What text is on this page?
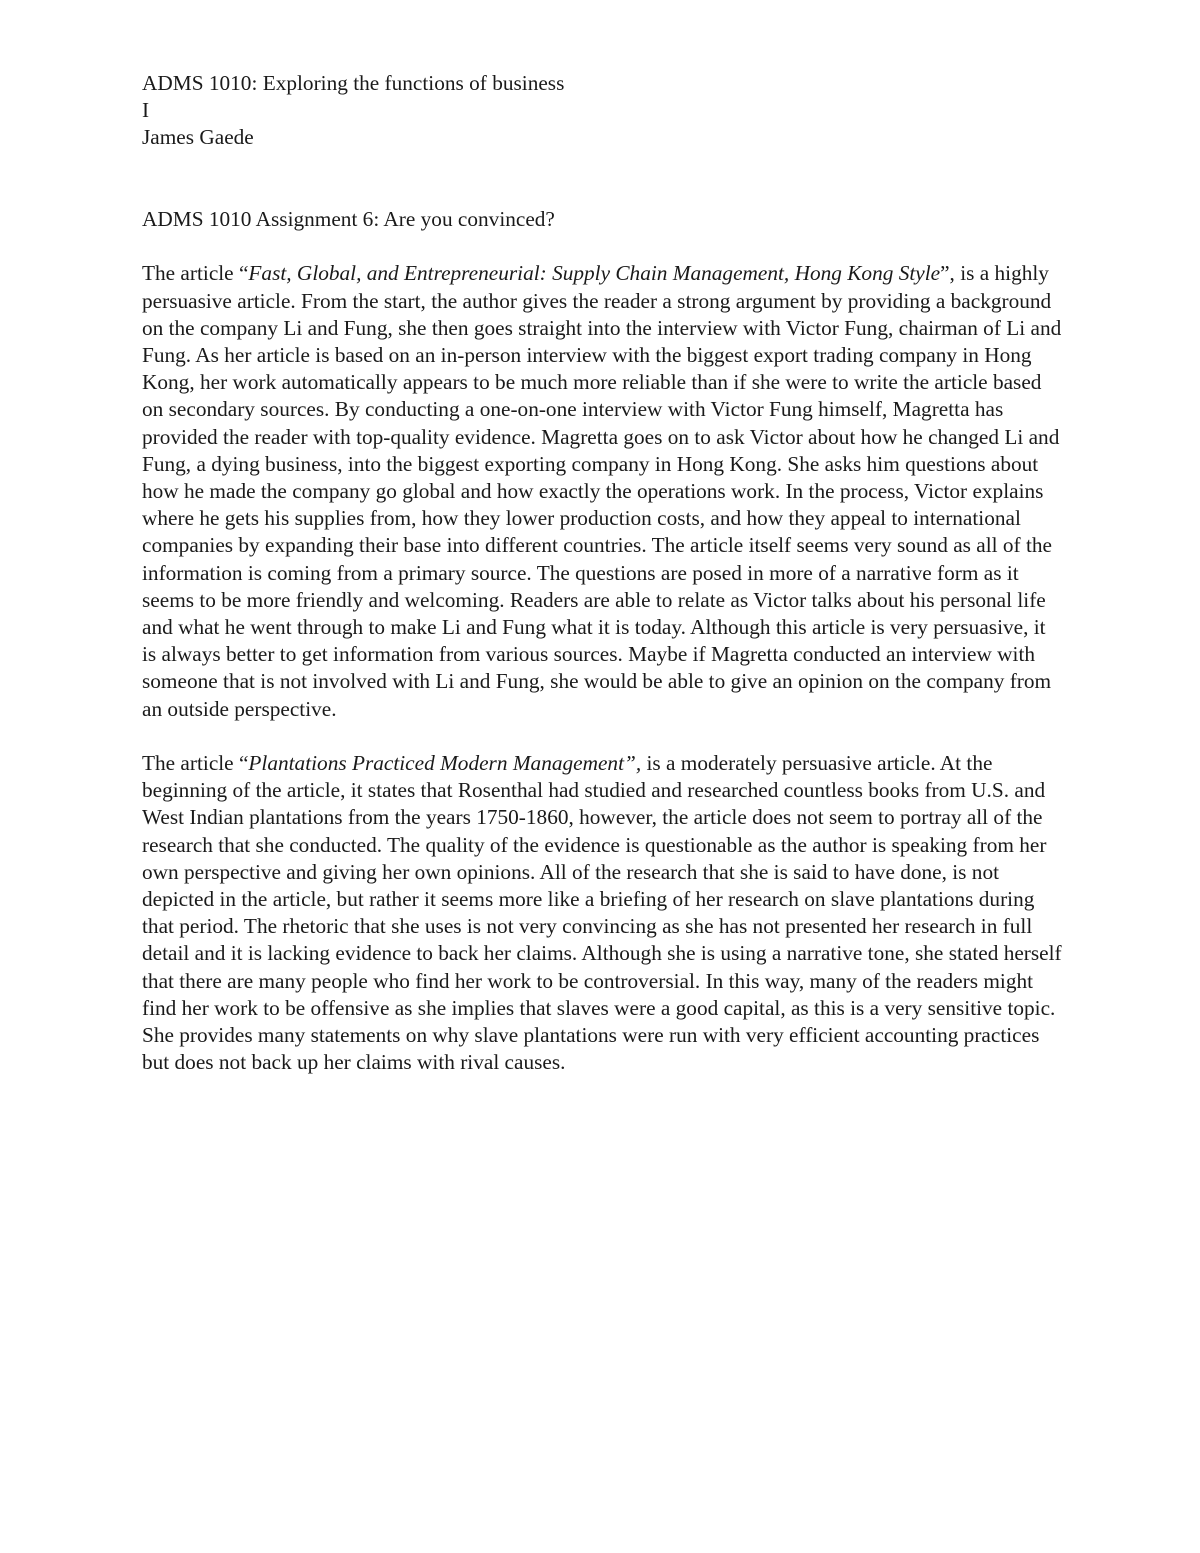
ADMS 1010: Exploring the functions of business

I

James Gaede

ADMS 1010 Assignment 6: Are you convinced?

The article “Fast, Global, and Entrepreneurial: Supply Chain Management, Hong Kong Style”, is a highly persuasive article. From the start, the author gives the reader a strong argument by providing a background on the company Li and Fung, she then goes straight into the interview with Victor Fung, chairman of Li and Fung. As her article is based on an in-person interview with the biggest export trading company in Hong Kong, her work automatically appears to be much more reliable than if she were to write the article based on secondary sources. By conducting a one-on-one interview with Victor Fung himself, Magretta has provided the reader with top-quality evidence. Magretta goes on to ask Victor about how he changed Li and Fung, a dying business, into the biggest exporting company in Hong Kong. She asks him questions about how he made the company go global and how exactly the operations work. In the process, Victor explains where he gets his supplies from, how they lower production costs, and how they appeal to international companies by expanding their base into different countries. The article itself seems very sound as all of the information is coming from a primary source. The questions are posed in more of a narrative form as it seems to be more friendly and welcoming. Readers are able to relate as Victor talks about his personal life and what he went through to make Li and Fung what it is today. Although this article is very persuasive, it is always better to get information from various sources. Maybe if Magretta conducted an interview with someone that is not involved with Li and Fung, she would be able to give an opinion on the company from an outside perspective.

The article “Plantations Practiced Modern Management”, is a moderately persuasive article. At the beginning of the article, it states that Rosenthal had studied and researched countless books from U.S. and West Indian plantations from the years 1750-1860, however, the article does not seem to portray all of the research that she conducted. The quality of the evidence is questionable as the author is speaking from her own perspective and giving her own opinions. All of the research that she is said to have done, is not depicted in the article, but rather it seems more like a briefing of her research on slave plantations during that period. The rhetoric that she uses is not very convincing as she has not presented her research in full detail and it is lacking evidence to back her claims. Although she is using a narrative tone, she stated herself that there are many people who find her work to be controversial. In this way, many of the readers might find her work to be offensive as she implies that slaves were a good capital, as this is a very sensitive topic. She provides many statements on why slave plantations were run with very efficient accounting practices but does not back up her claims with rival causes.
